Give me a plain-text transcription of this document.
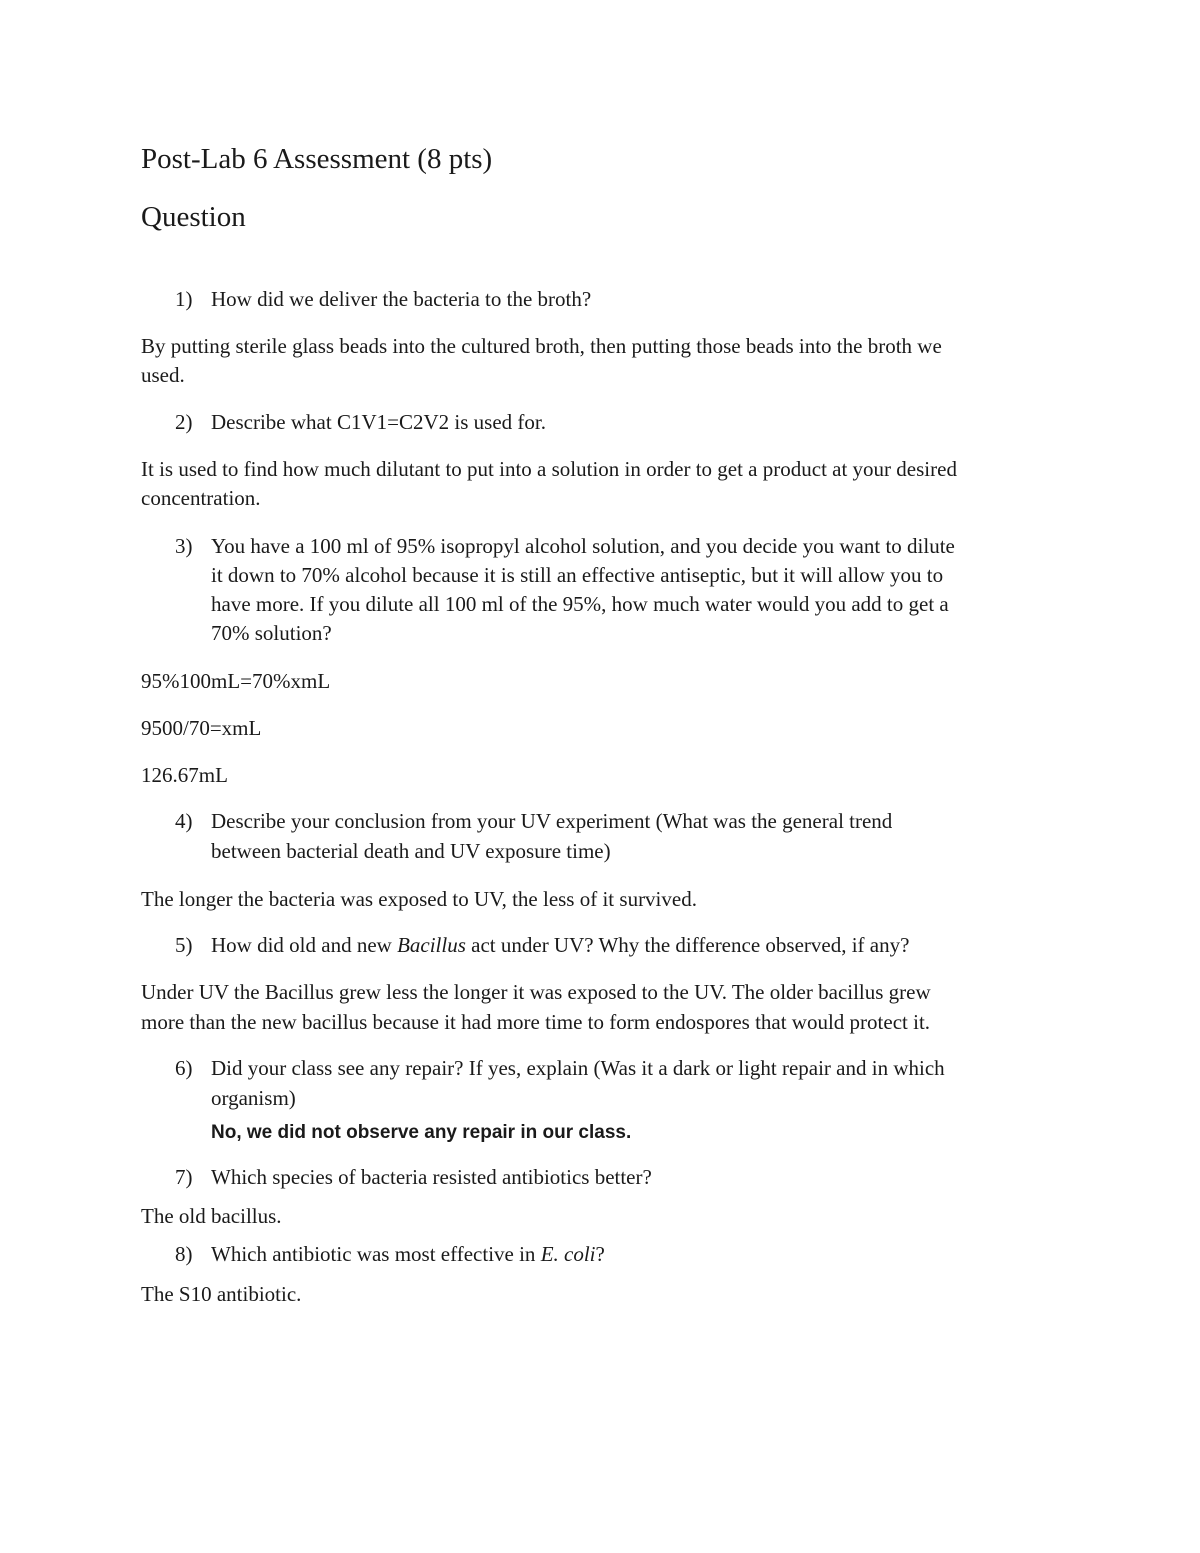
Post-Lab 6 Assessment (8 pts)
Question
1) How did we deliver the bacteria to the broth?
By putting sterile glass beads into the cultured broth, then putting those beads into the broth we
used.
2) Describe what C1V1=C2V2 is used for.
It is used to find how much dilutant to put into a solution in order to get a product at your desired
concentration.
3) You have a 100 ml of 95% isopropyl alcohol solution, and you decide you want to dilute
it down to 70% alcohol because it is still an effective antiseptic, but it will allow you to
have more. If you dilute all 100 ml of the 95%, how much water would you add to get a
70% solution?
95%100mL=70%xmL
9500/70=xmL
126.67mL
4) Describe your conclusion from your UV experiment (What was the general trend
between bacterial death and UV exposure time)
The longer the bacteria was exposed to UV, the less of it survived.
5) How did old and new Bacillus act under UV? Why the difference observed, if any?
Under UV the Bacillus grew less the longer it was exposed to the UV. The older bacillus grew
more than the new bacillus because it had more time to form endospores that would protect it.
6) Did your class see any repair? If yes, explain (Was it a dark or light repair and in which
organism)
No, we did not observe any repair in our class.
7) Which species of bacteria resisted antibiotics better?
The old bacillus.
8) Which antibiotic was most effective in E. coli?
The S10 antibiotic.
